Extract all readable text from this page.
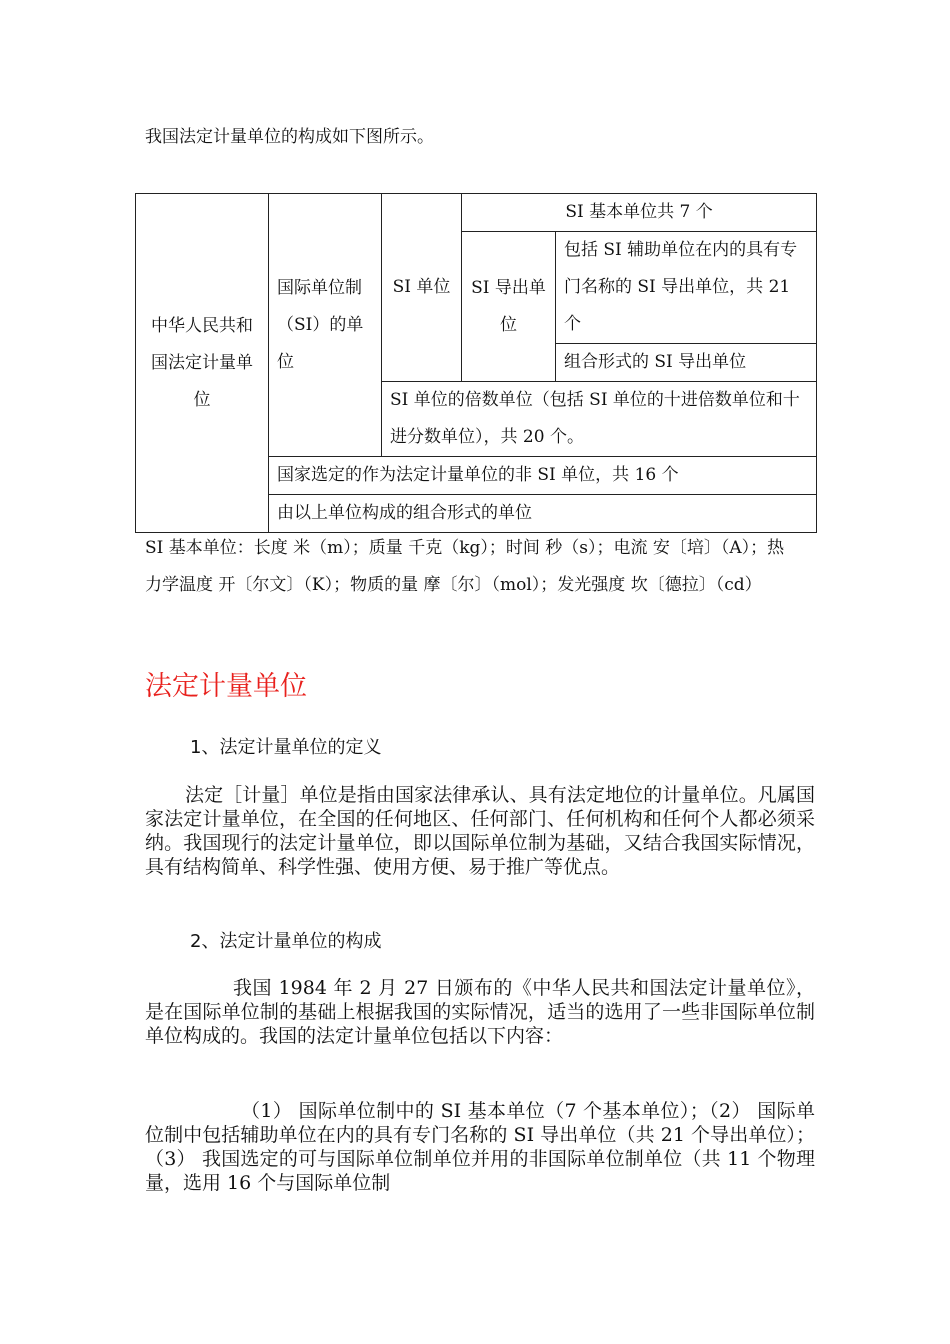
我国法定计量单位的构成如下图所示。
中华人民共和国法定计量单位	国际单位制（SI）的单位	SI 单位	SI 基本单位共 7 个	
			SI 导出单位	包括 SI 辅助单位在内的具有专门名称的 SI 导出单位，共 21 个

				组合形式的 SI 导出单位
		SI 单位的倍数单位（包括 SI 单位的十进倍数单位和十进分数单位），共 20 个。		

	国家选定的作为法定计量单位的非 SI 单位，共 16 个			
	由以上单位构成的组合形式的单位			
SI 基本单位：长度 米（m）；质量 千克（kg）；时间 秒（s）；电流 安〔培〕（A）；热力学温度 开〔尔文〕（K）；物质的量 摩〔尔〕（mol）；发光强度 坎〔德拉〕（cd）
法定计量单位
1、法定计量单位的定义
法定［计量］单位是指由国家法律承认、具有法定地位的计量单位。凡属国家法定计量单位，在全国的任何地区、任何部门、任何机构和任何个人都必须采纳。我国现行的法定计量单位，即以国际单位制为基础，又结合我国实际情况，具有结构简单、科学性强、使用方便、易于推广等优点。
2、法定计量单位的构成
我国 1984 年 2 月 27 日颁布的《中华人民共和国法定计量单位》，是在国际单位制的基础上根据我国的实际情况，适当的选用了一些非国际单位制单位构成的。我国的法定计量单位包括以下内容：
（1） 国际单位制中的 SI 基本单位（7 个基本单位）；（2） 国际单位制中包括辅助单位在内的具有专门名称的 SI 导出单位（共 21 个导出单位）；（3） 我国选定的可与国际单位制单位并用的非国际单位制单位（共 11 个物理量，选用 16 个与国际单位制
